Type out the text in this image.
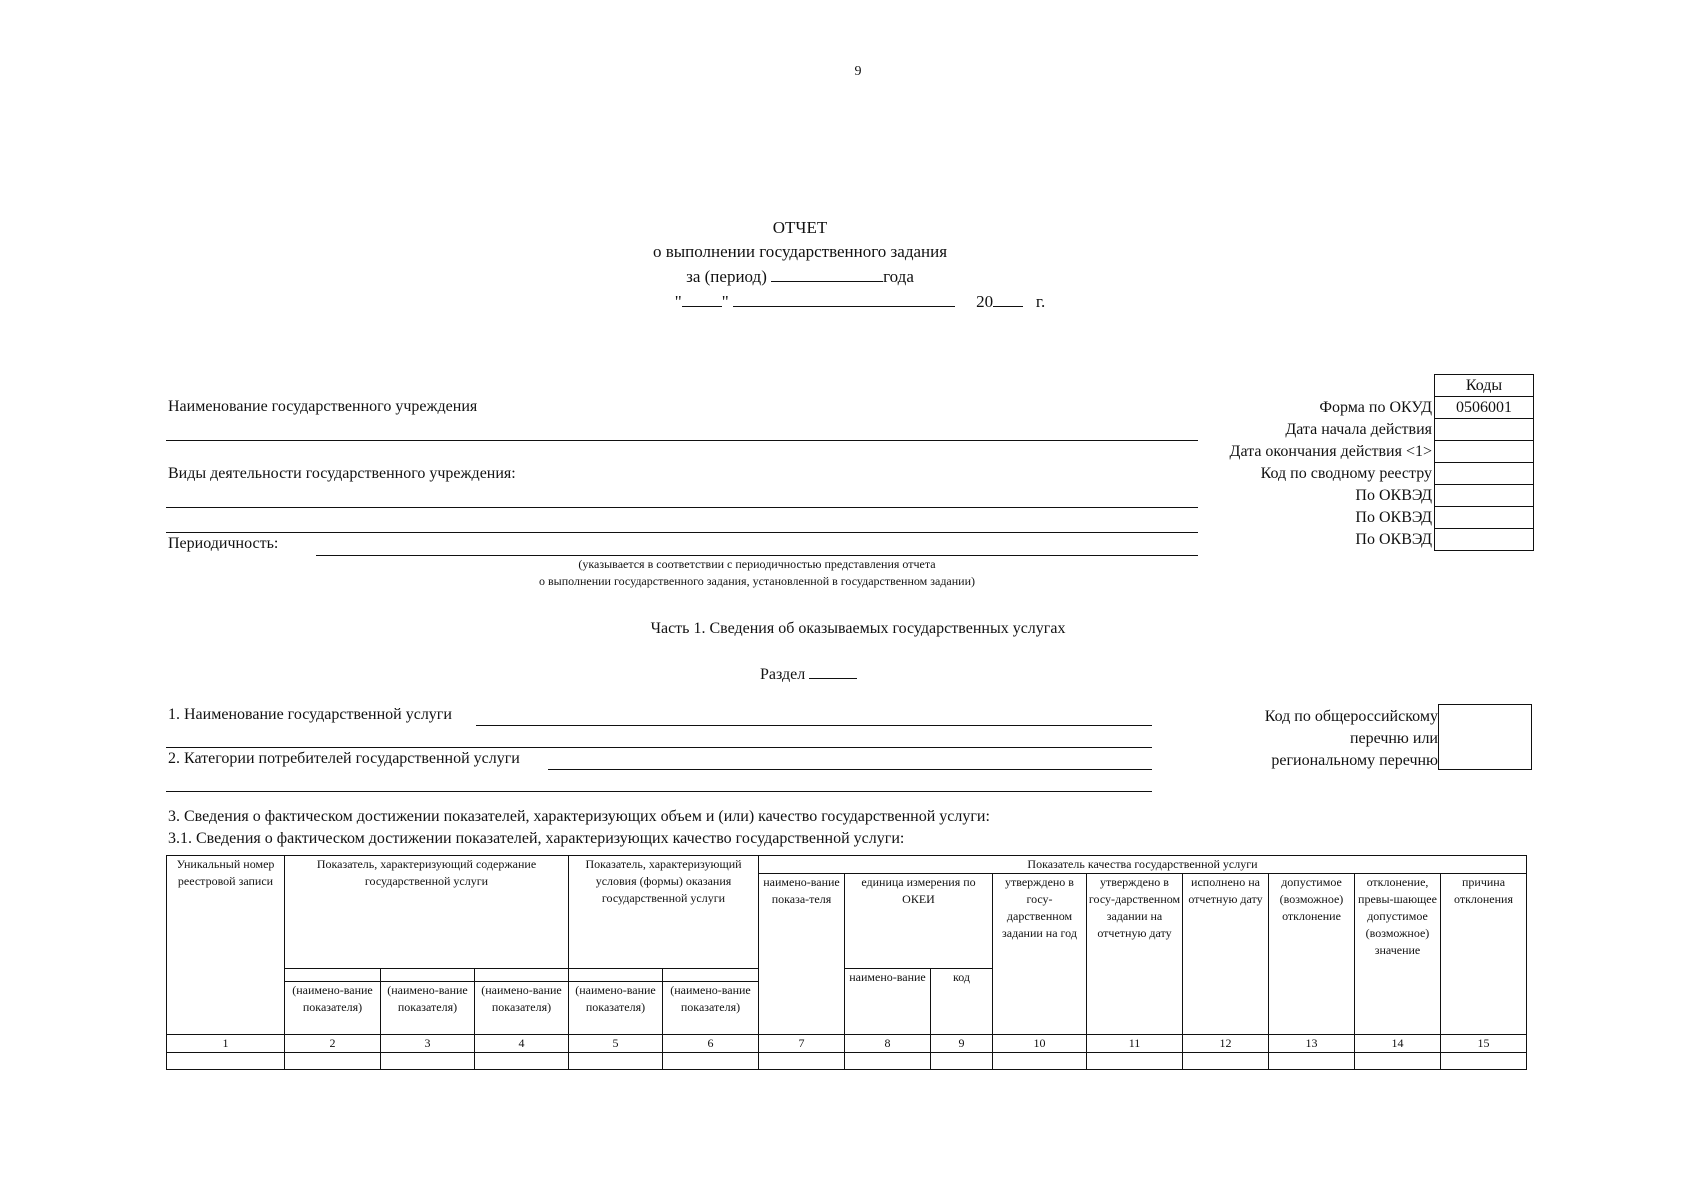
9
ОТЧЕТ
о выполнении государственного задания
за (период)	года
" "	20	г.
Наименование государственного учреждения
Виды деятельности государственного учреждения:
Периодичность:
(указывается в соответствии с периодичностью представления отчета
о выполнении государственного задания, установленной в государственном задании)
	Коды
Форма по ОКУД	0506001
Дата начала действия	
Дата окончания действия <1>	
Код по сводному реестру	
По ОКВЭД	
По ОКВЭД	
По ОКВЭД	
Часть 1. Сведения об оказываемых государственных услугах
Раздел
1. Наименование государственной услуги
2. Категории потребителей государственной услуги
Код по общероссийскому
перечню или
региональному перечню
3. Сведения о фактическом достижении показателей, характеризующих объем и (или) качество государственной услуги:
3.1. Сведения о фактическом достижении показателей, характеризующих качество государственной услуги:
Уникальный номер реестровой записи	Показатель, характеризующий содержание государственной услуги			Показатель, характеризующий условия (формы) оказания государственной услуги		Показатель качества государственной услуги								
						наимено-вание показа-теля	единица измерения по ОКЕИ		утверждено в госу-дарственном задании на год	утверждено в госу-дарственном задании на отчетную дату	исполнено на отчетную дату	допустимое (возможное) отклонение	отклонение, превы-шающее допустимое (возможное) значение	причина отклонения
							наимено-вание	код						
	(наимено-вание показателя)	(наимено-вание показателя)	(наимено-вание показателя)	(наимено-вание показателя)	(наимено-вание показателя)									
1	2	3	4	5	6	7	8	9	10	11	12	13	14	15
